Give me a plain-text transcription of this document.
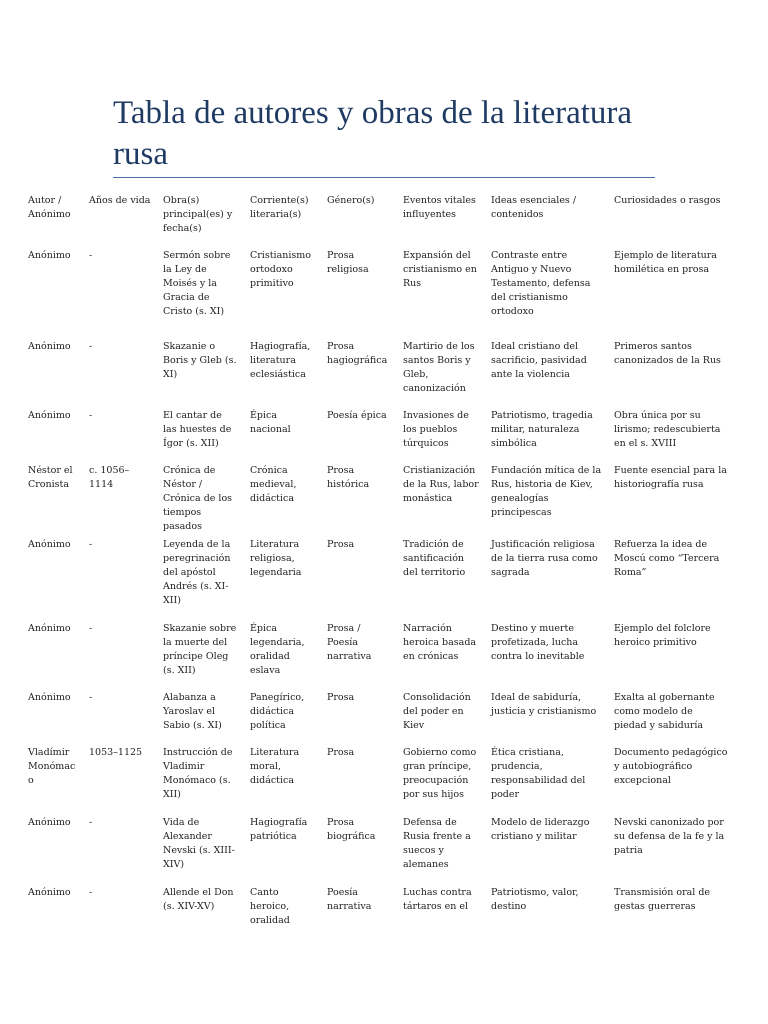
Tabla de autores y obras de la literatura rusa
Autor / Anónimo	Años de vida	Obra(s) principal(es) y fecha(s)	Corriente(s) literaria(s)	Género(s)	Eventos vitales influyentes	Ideas esenciales / contenidos	Curiosidades o rasgos
Anónimo	-	Sermón sobre la Ley de Moisés y la Gracia de Cristo (s. XI)	Cristianismo ortodoxo primitivo	Prosa religiosa	Expansión del cristianismo en Rus	Contraste entre Antiguo y Nuevo Testamento, defensa del cristianismo ortodoxo	Ejemplo de literatura homilética en prosa
Anónimo	-	Skazanie o Boris y Gleb (s. XI)	Hagiografía, literatura eclesiástica	Prosa hagiográfica	Martirio de los santos Boris y Gleb, canonización	Ideal cristiano del sacrificio, pasividad ante la violencia	Primeros santos canonizados de la Rus
Anónimo	-	El cantar de las huestes de Ígor (s. XII)	Épica nacional	Poesía épica	Invasiones de los pueblos túrquicos	Patriotismo, tragedia militar, naturaleza simbólica	Obra única por su lirismo; redescubierta en el s. XVIII
Néstor el Cronista	c. 1056–1114	Crónica de Néstor / Crónica de los tiempos pasados	Crónica medieval, didáctica	Prosa histórica	Cristianización de la Rus, labor monástica	Fundación mítica de la Rus, historia de Kiev, genealogías principescas	Fuente esencial para la historiografía rusa
Anónimo	-	Leyenda de la peregrinación del apóstol Andrés (s. XI-XII)	Literatura religiosa, legendaria	Prosa	Tradición de santificación del territorio	Justificación religiosa de la tierra rusa como sagrada	Refuerza la idea de Moscú como “Tercera Roma”
Anónimo	-	Skazanie sobre la muerte del príncipe Oleg (s. XII)	Épica legendaria, oralidad eslava	Prosa / Poesía narrativa	Narración heroica basada en crónicas	Destino y muerte profetizada, lucha contra lo inevitable	Ejemplo del folclore heroico primitivo
Anónimo	-	Alabanza a Yaroslav el Sabio (s. XI)	Panegírico, didáctica política	Prosa	Consolidación del poder en Kiev	Ideal de sabiduría, justicia y cristianismo	Exalta al gobernante como modelo de piedad y sabiduría
Vladímir Monómaco	1053–1125	Instrucción de Vladimir Monómaco (s. XII)	Literatura moral, didáctica	Prosa	Gobierno como gran príncipe, preocupación por sus hijos	Ética cristiana, prudencia, responsabilidad del poder	Documento pedagógico y autobiográfico excepcional
Anónimo	-	Vida de Alexander Nevski (s. XIII-XIV)	Hagiografía patriótica	Prosa biográfica	Defensa de Rusia frente a suecos y alemanes	Modelo de liderazgo cristiano y militar	Nevski canonizado por su defensa de la fe y la patria
Anónimo	-	Allende el Don (s. XIV-XV)	Canto heroico, oralidad	Poesía narrativa	Luchas contra tártaros en el	Patriotismo, valor, destino	Transmisión oral de gestas guerreras
